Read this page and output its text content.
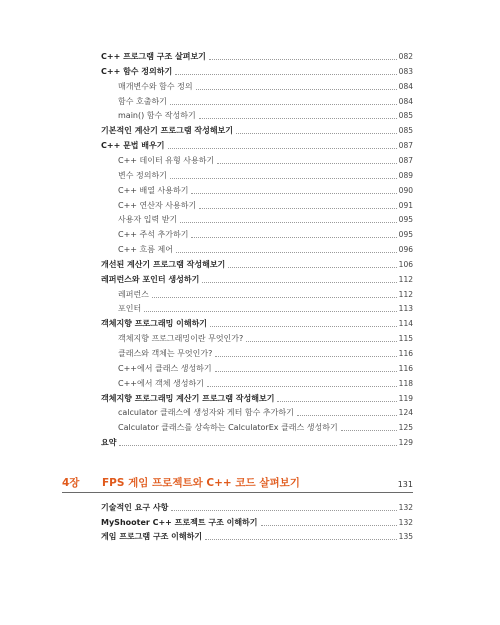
C++ 프로그램 구조 살펴보기	082
C++ 함수 정의하기	083
매개변수와 함수 정의	084
함수 호출하기	084
main() 함수 작성하기	085
기본적인 계산기 프로그램 작성해보기	085
C++ 문법 배우기	087
C++ 데이터 유형 사용하기	087
변수 정의하기	089
C++ 배열 사용하기	090
C++ 연산자 사용하기	091
사용자 입력 받기	095
C++ 주석 추가하기	095
C++ 흐름 제어	096
개선된 계산기 프로그램 작성해보기	106
레퍼런스와 포인터 생성하기	112
레퍼런스	112
포인터	113
객체지향 프로그래밍 이해하기	114
객체지향 프로그래밍이란 무엇인가?	115
클래스와 객체는 무엇인가?	116
C++에서 클래스 생성하기	116
C++에서 객체 생성하기	118
객체지향 프로그래밍 계산기 프로그램 작성해보기	119
calculator 클래스에 생성자와 게터 함수 추가하기	124
Calculator 클래스를 상속하는 CalculatorEx 클래스 생성하기	125
요약	129
4장	FPS 게임 프로젝트와 C++ 코드 살펴보기	131
기술적인 요구 사항	132
MyShooter C++ 프로젝트 구조 이해하기	132
게임 프로그램 구조 이해하기	135
